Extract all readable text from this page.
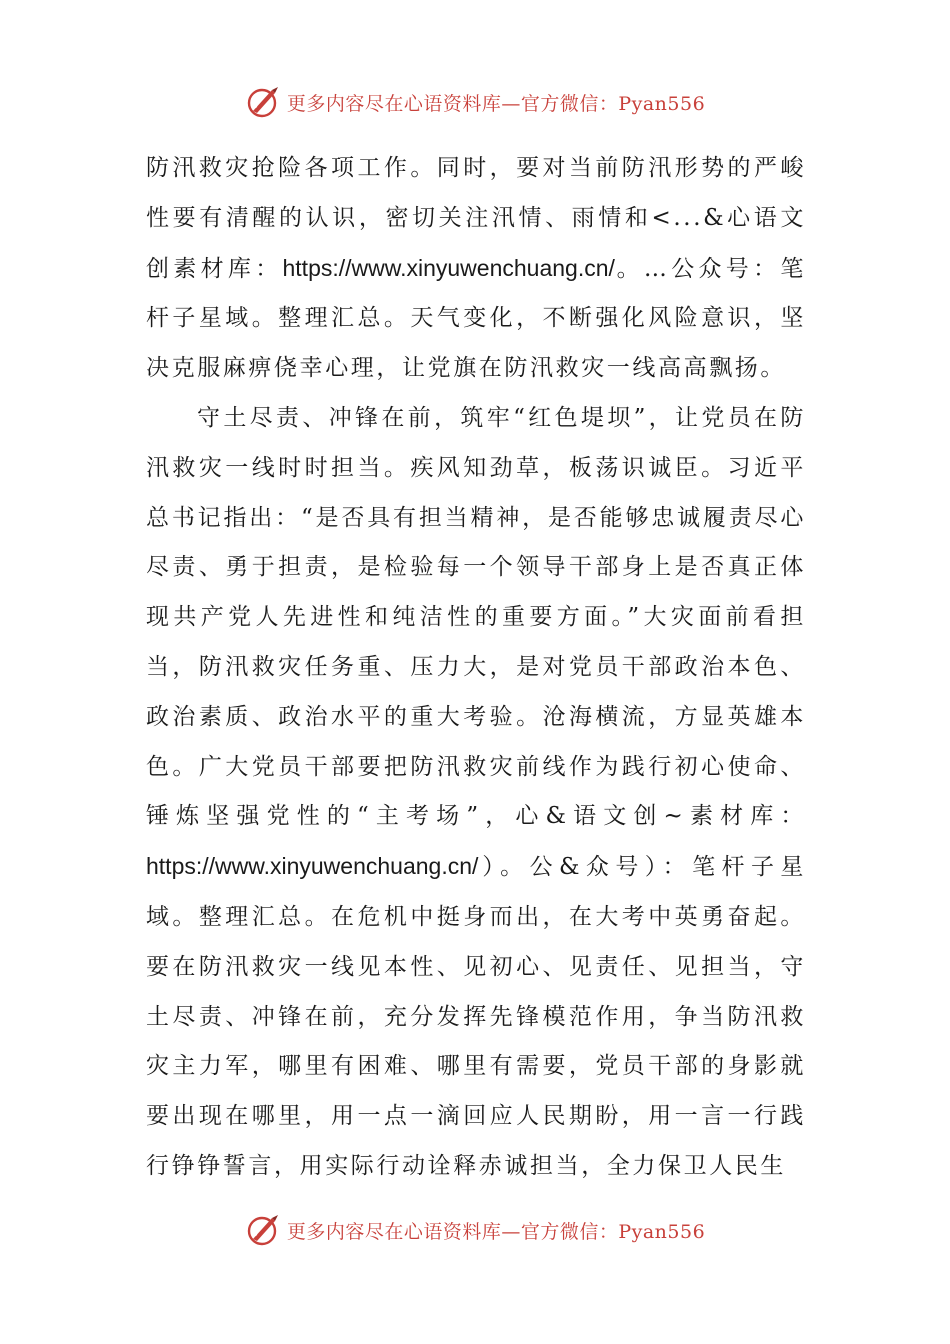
更多内容尽在心语资料库—官方微信：Pyan556

防汛救灾抢险各项工作。同时，要对当前防汛形势的严峻性要有清醒的认识，密切关注汛情、雨情和<...&心语文创素材库：https://www.xinyuwenchuang.cn/。…公众号：笔杆子星域。整理汇总。天气变化，不断强化风险意识，坚决克服麻痹侥幸心理，让党旗在防汛救灾一线高高飘扬。

守土尽责、冲锋在前，筑牢“红色堤坝”，让党员在防汛救灾一线时时担当。疾风知劲草，板荡识诚臣。习近平总书记指出：“是否具有担当精神，是否能够忠诚履责尽心尽责、勇于担责，是检验每一个领导干部身上是否真正体现共产党人先进性和纯洁性的重要方面。”大灾面前看担当，防汛救灾任务重、压力大，是对党员干部政治本色、政治素质、政治水平的重大考验。沧海横流，方显英雄本色。广大党员干部要把防汛救灾前线作为践行初心使命、锤炼坚强党性的“主考场”，心&语文创~素材库：https://www.xinyuwenchuang.cn/）。公&众号）：笔杆子星域。整理汇总。在危机中挺身而出，在大考中英勇奋起。要在防汛救灾一线见本性、见初心、见责任、见担当，守土尽责、冲锋在前，充分发挥先锋模范作用，争当防汛救灾主力军，哪里有困难、哪里有需要，党员干部的身影就要出现在哪里，用一点一滴回应人民期盼，用一言一行践行铮铮誓言，用实际行动诠释赤诚担当，全力保卫人民生

更多内容尽在心语资料库—官方微信：Pyan556
